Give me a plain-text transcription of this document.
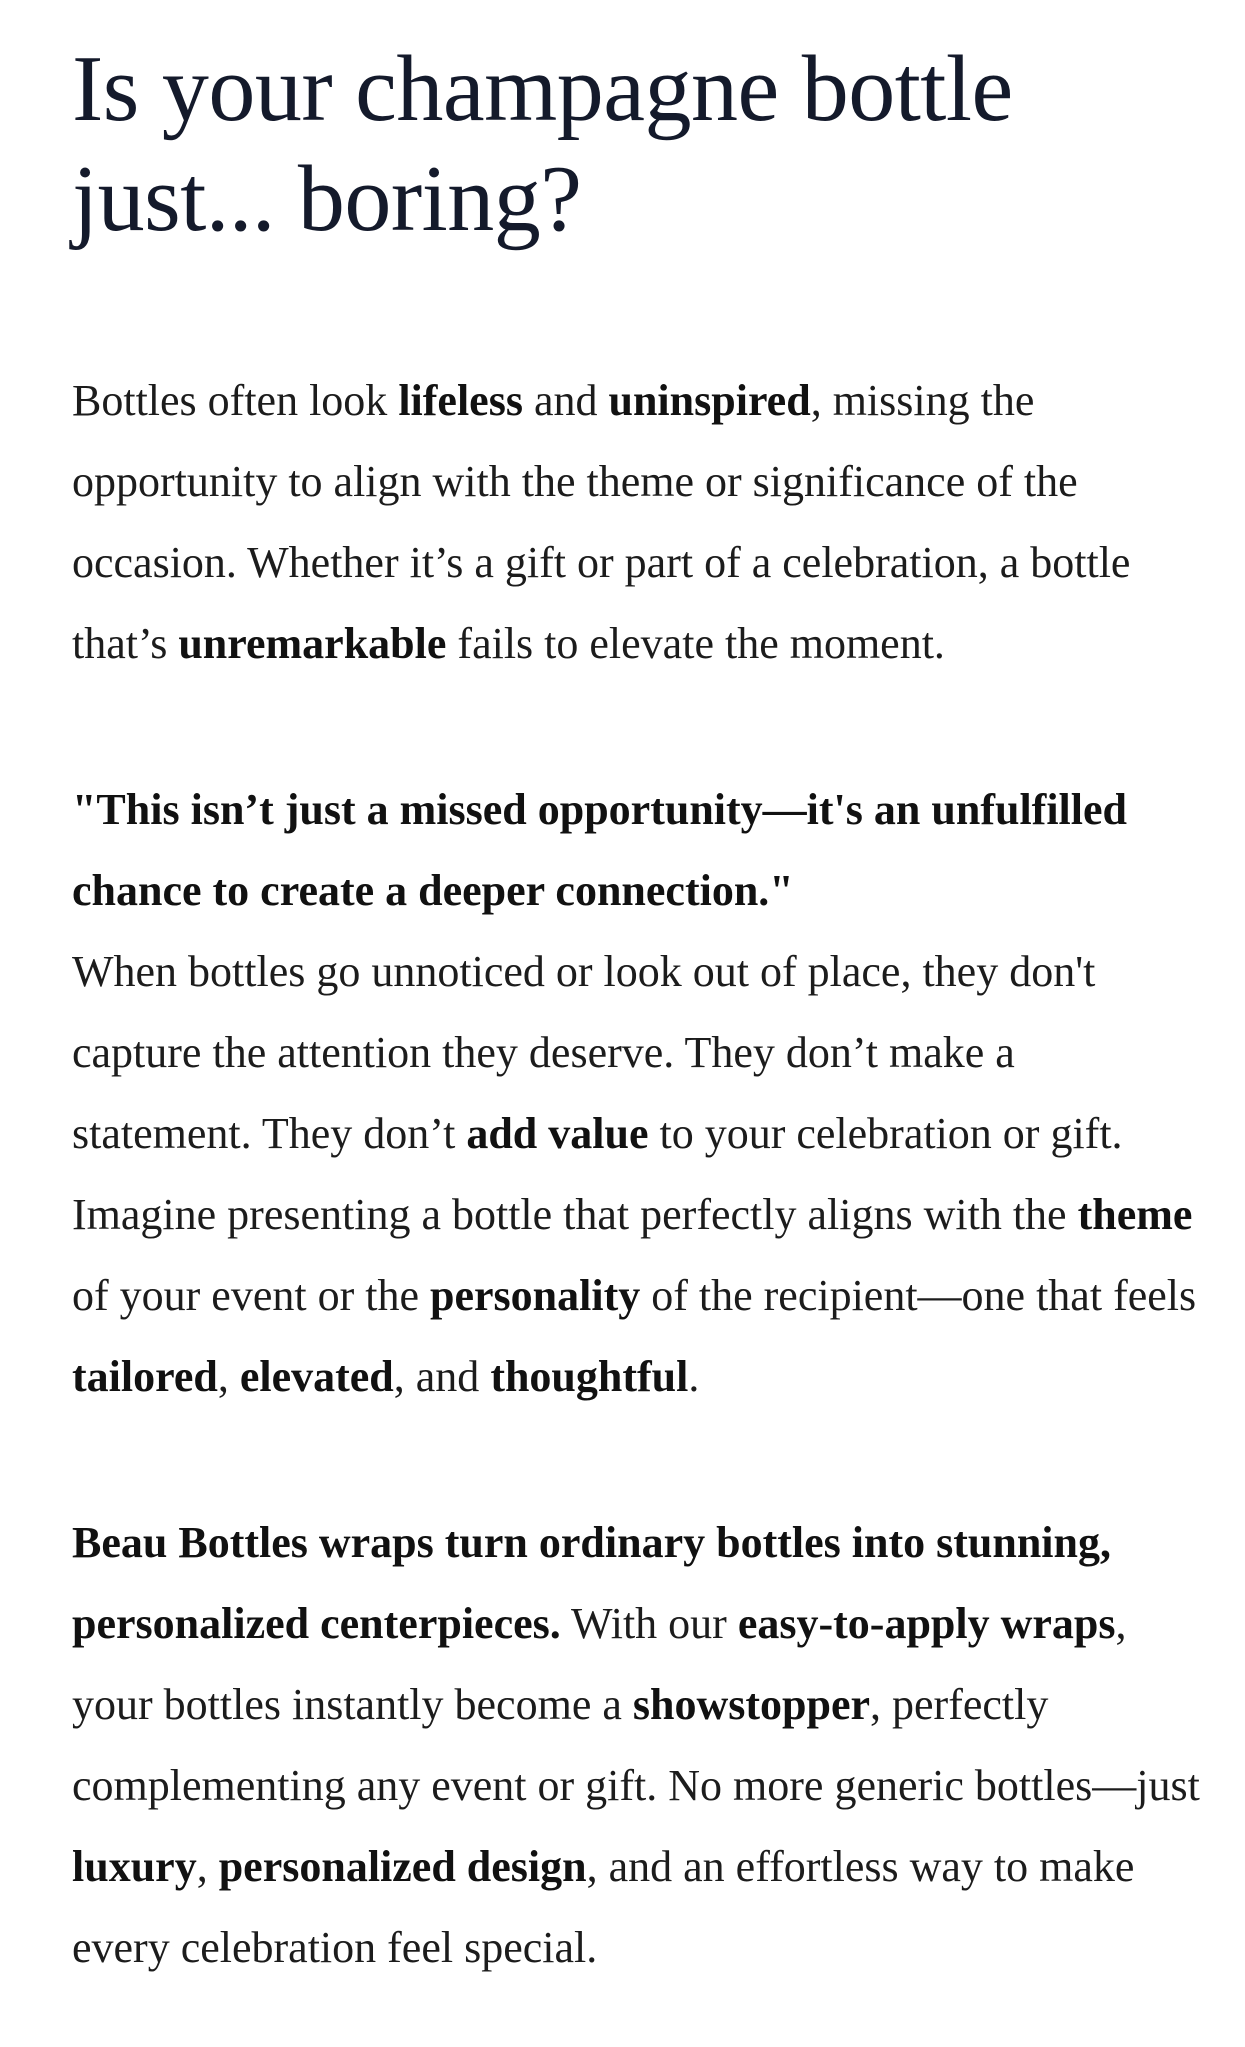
Is your champagne bottle just... boring?

Bottles often look lifeless and uninspired, missing the opportunity to align with the theme or significance of the occasion. Whether it’s a gift or part of a celebration, a bottle that’s unremarkable fails to elevate the moment.

"This isn’t just a missed opportunity—it's an unfulfilled chance to create a deeper connection."
When bottles go unnoticed or look out of place, they don't capture the attention they deserve. They don’t make a statement. They don’t add value to your celebration or gift. Imagine presenting a bottle that perfectly aligns with the theme of your event or the personality of the recipient—one that feels tailored, elevated, and thoughtful.

Beau Bottles wraps turn ordinary bottles into stunning, personalized centerpieces. With our easy-to-apply wraps, your bottles instantly become a showstopper, perfectly complementing any event or gift. No more generic bottles—just luxury, personalized design, and an effortless way to make every celebration feel special.
